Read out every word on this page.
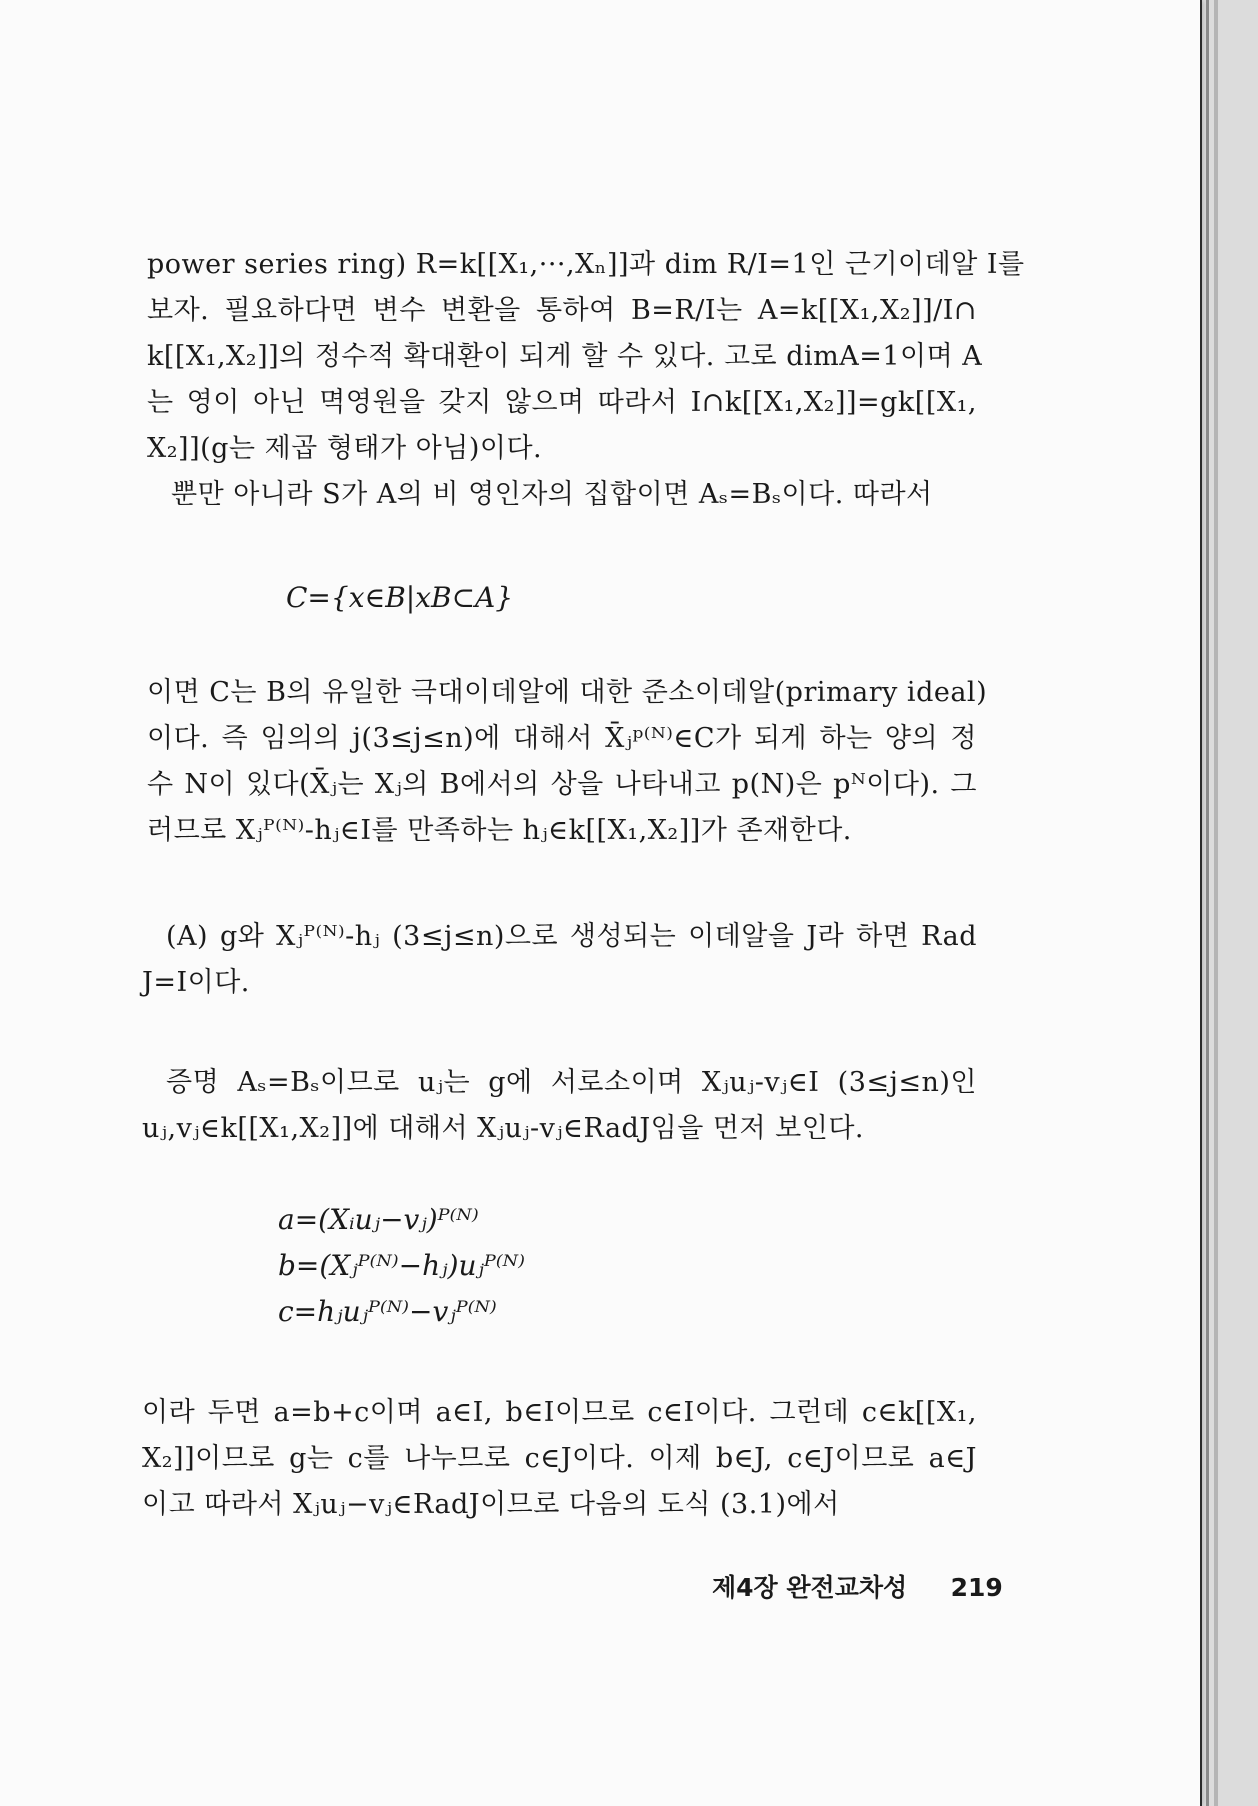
power series ring) R=k[[X₁,···,Xₙ]]과 dim R/I=1인 근기이데알 I를
보자. 필요하다면 변수 변환을 통하여 B=R/I는 A=k[[X₁,X₂]]/I∩
k[[X₁,X₂]]의 정수적 확대환이 되게 할 수 있다. 고로 dimA=1이며 A
는 영이 아닌 멱영원을 갖지 않으며 따라서 I∩k[[X₁,X₂]]=gk[[X₁,
X₂]](g는 제곱 형태가 아님)이다.
뿐만 아니라 S가 A의 비 영인자의 집합이면 Aₛ=Bₛ이다. 따라서
C={x∈B|xB⊂A}
이면 C는 B의 유일한 극대이데알에 대한 준소이데알(primary ideal)
이다. 즉 임의의 j(3≤j≤n)에 대해서 X̄ⱼᵖ⁽ᴺ⁾∈C가 되게 하는 양의 정
수 N이 있다(X̄ⱼ는 Xⱼ의 B에서의 상을 나타내고 p(N)은 pᴺ이다). 그
러므로 Xⱼᴾ⁽ᴺ⁾-hⱼ∈I를 만족하는 hⱼ∈k[[X₁,X₂]]가 존재한다.
(A) g와 Xⱼᴾ⁽ᴺ⁾-hⱼ (3≤j≤n)으로 생성되는 이데알을 J라 하면 Rad
J=I이다.
증명 Aₛ=Bₛ이므로 uⱼ는 g에 서로소이며 Xⱼuⱼ-vⱼ∈I (3≤j≤n)인
uⱼ,vⱼ∈k[[X₁,X₂]]에 대해서 Xⱼuⱼ-vⱼ∈RadJ임을 먼저 보인다.
a=(Xᵢuⱼ−vⱼ)ᴾ⁽ᴺ⁾
b=(Xⱼᴾ⁽ᴺ⁾−hⱼ)uⱼᴾ⁽ᴺ⁾
c=hⱼuⱼᴾ⁽ᴺ⁾−vⱼᴾ⁽ᴺ⁾
이라 두면 a=b+c이며 a∈I, b∈I이므로 c∈I이다. 그런데 c∈k[[X₁,
X₂]]이므로 g는 c를 나누므로 c∈J이다. 이제 b∈J, c∈J이므로 a∈J
이고 따라서 Xⱼuⱼ−vⱼ∈RadJ이므로 다음의 도식 (3.1)에서
제4장 완전교차성 219
